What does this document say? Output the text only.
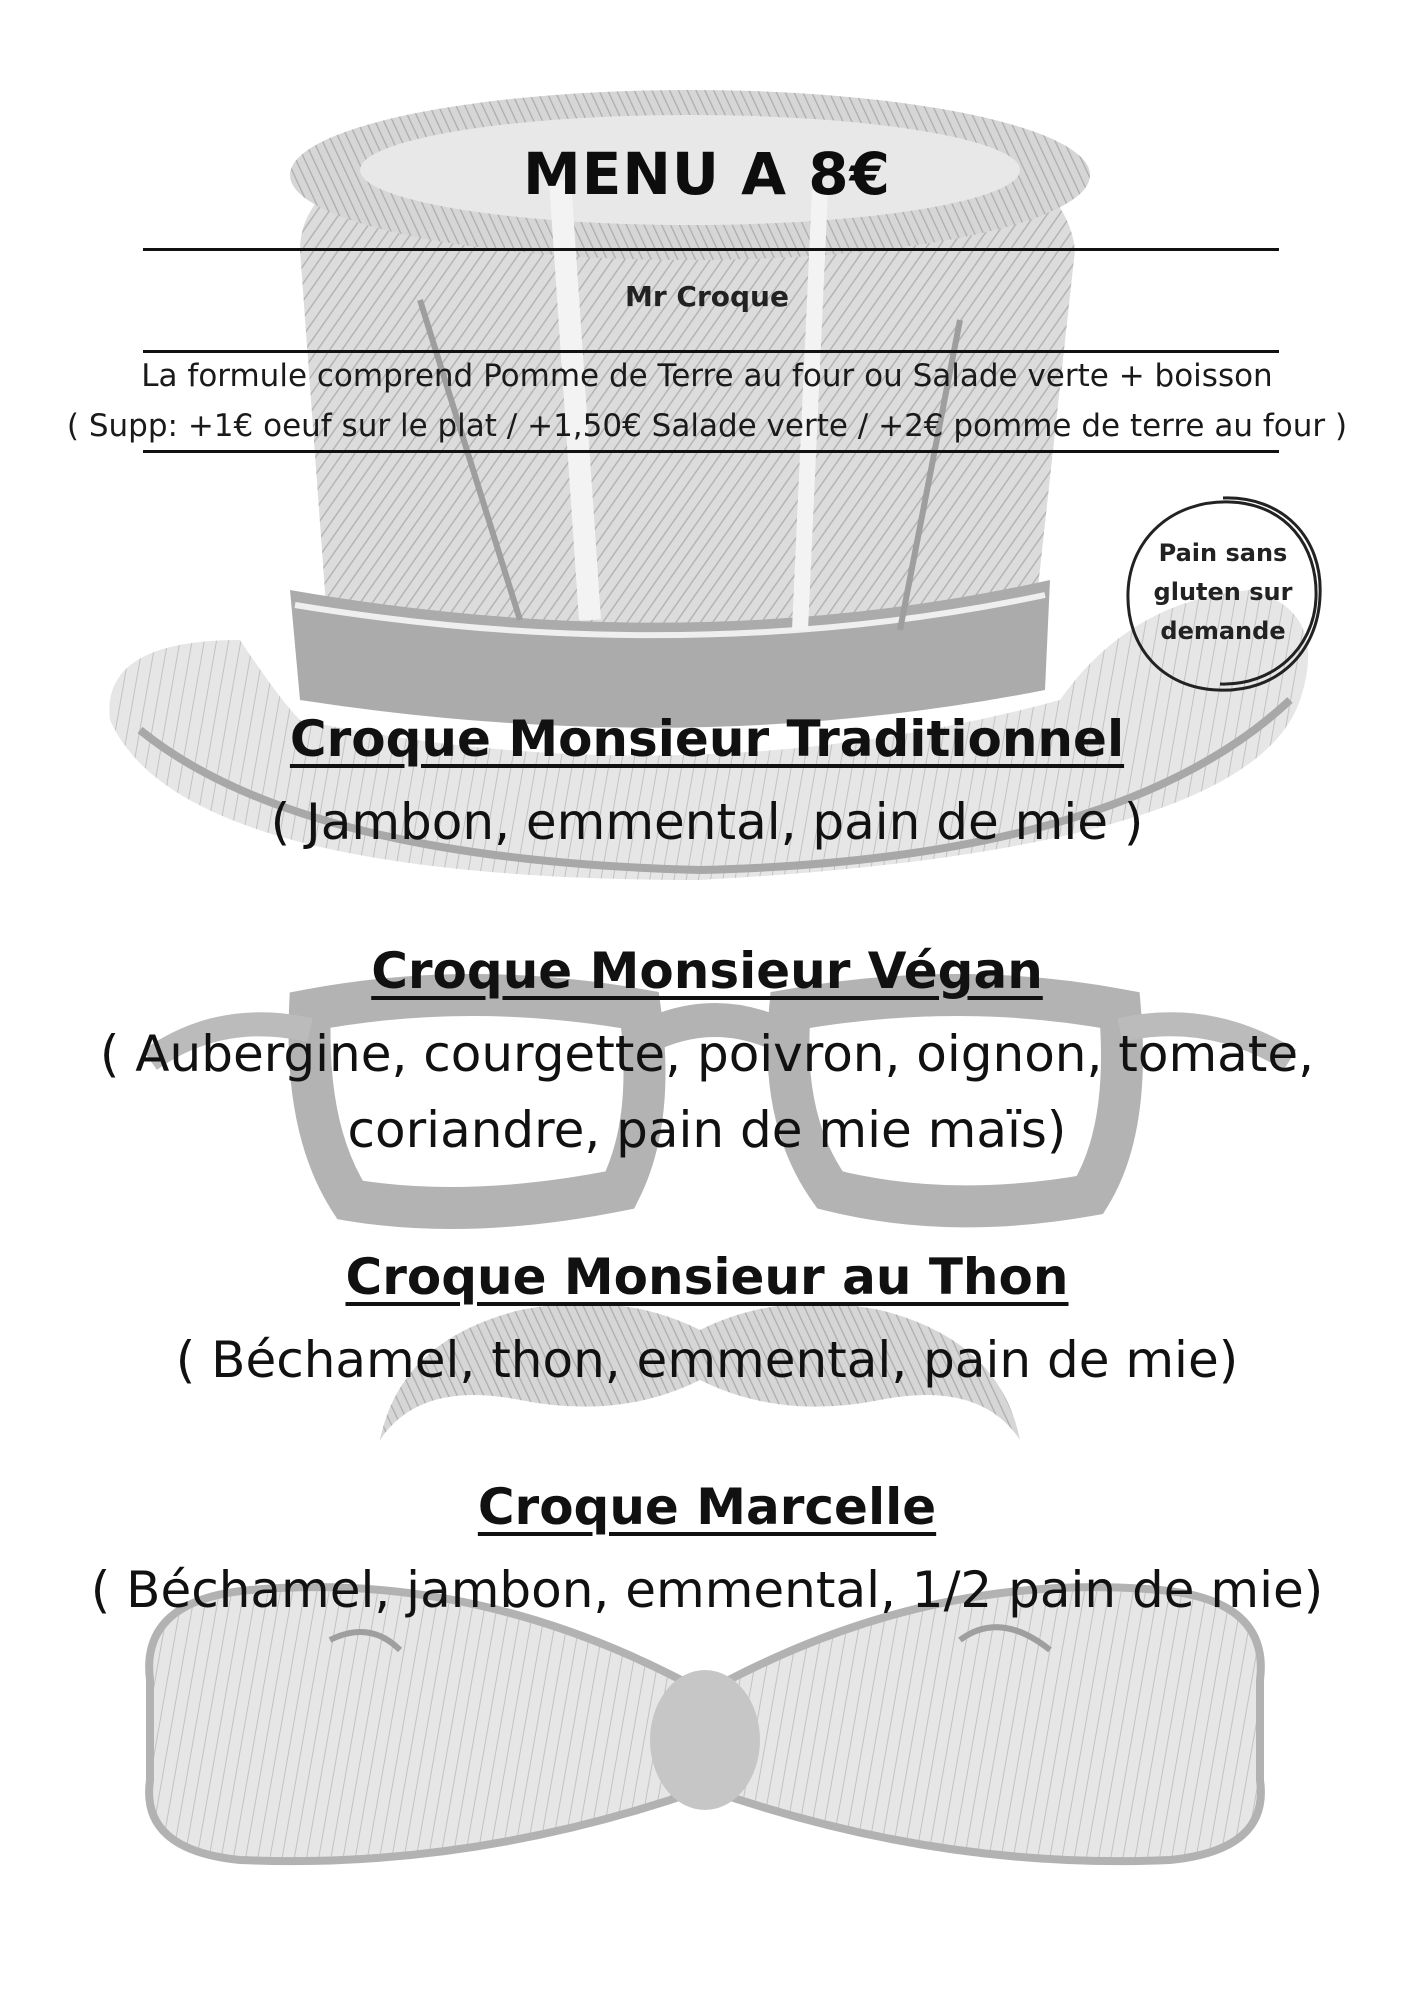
MENU A 8€
Mr Croque
La formule comprend Pomme de Terre au four ou Salade verte + boisson
( Supp: +1€ oeuf sur le plat / +1,50€ Salade verte / +2€ pomme de terre au four )
Pain sans
gluten sur
demande
Croque Monsieur Traditionnel
( Jambon, emmental, pain de mie )
Croque Monsieur Végan
( Aubergine, courgette, poivron, oignon, tomate,
coriandre, pain de mie maïs)
Croque Monsieur au Thon
( Béchamel, thon, emmental, pain de mie)
Croque Marcelle
( Béchamel, jambon, emmental, 1/2 pain de mie)
